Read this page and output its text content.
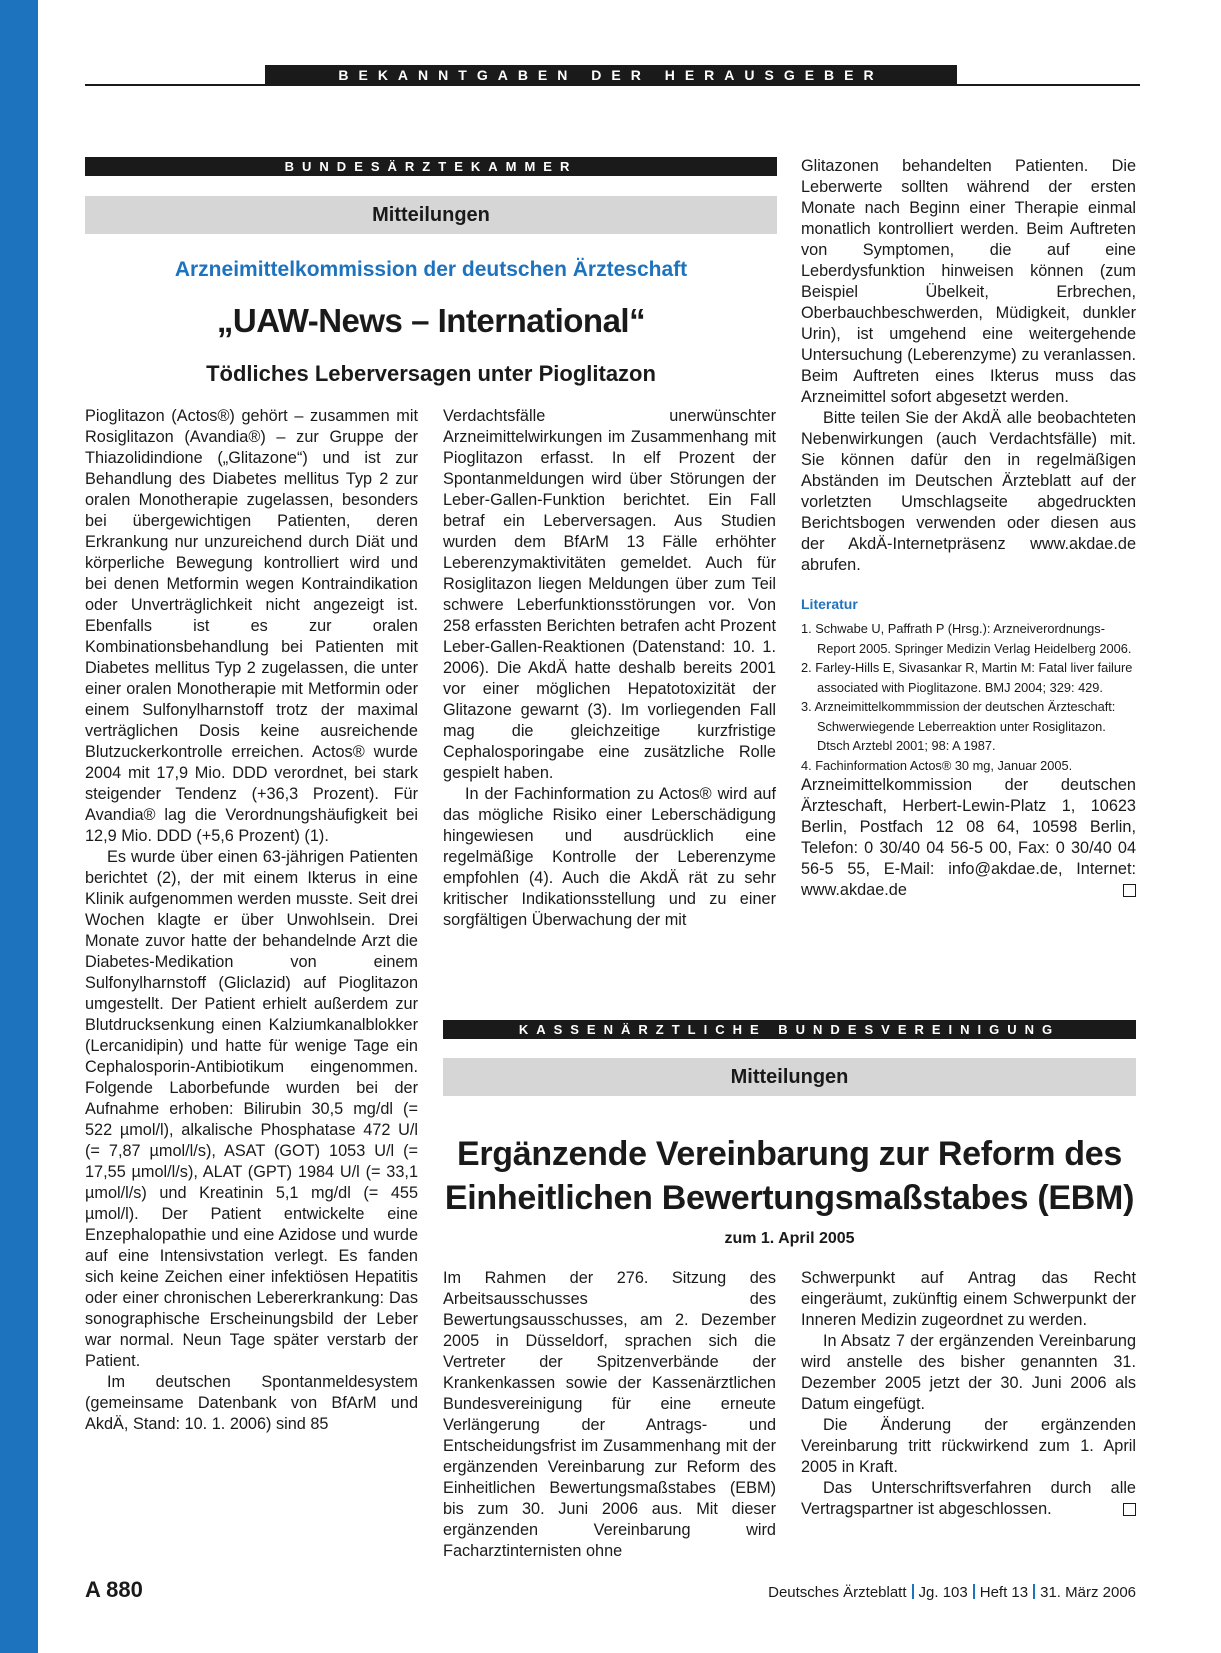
BEKANNTGABEN DER HERAUSGEBER
BUNDESÄRZTEKAMMER
Mitteilungen
Arzneimittelkommission der deutschen Ärzteschaft
„UAW-News – International“
Tödliches Leberversagen unter Pioglitazon

Pioglitazon (Actos®) gehört – zusammen mit Rosiglitazon (Avandia®) – zur Gruppe der Thiazolidindione („Glitazone“) und ist zur Behandlung des Diabetes mellitus Typ 2 zur oralen Monotherapie zugelassen, besonders bei übergewichtigen Patienten, deren Erkrankung nur unzureichend durch Diät und körperliche Bewegung kontrolliert wird und bei denen Metformin wegen Kontraindikation oder Unverträglichkeit nicht angezeigt ist. Ebenfalls ist es zur oralen Kombinationsbehandlung bei Patienten mit Diabetes mellitus Typ 2 zugelassen, die unter einer oralen Monotherapie mit Metformin oder einem Sulfonylharnstoff trotz der maximal verträglichen Dosis keine ausreichende Blutzuckerkontrolle erreichen. Actos® wurde 2004 mit 17,9 Mio. DDD verordnet, bei stark steigender Tendenz (+36,3 Prozent). Für Avandia® lag die Verordnungshäufigkeit bei 12,9 Mio. DDD (+5,6 Prozent) (1).

Es wurde über einen 63-jährigen Patienten berichtet (2), der mit einem Ikterus in eine Klinik aufgenommen werden musste. Seit drei Wochen klagte er über Unwohlsein. Drei Monate zuvor hatte der behandelnde Arzt die Diabetes-Medikation von einem Sulfonylharnstoff (Gliclazid) auf Pioglitazon umgestellt. Der Patient erhielt außerdem zur Blutdrucksenkung einen Kalziumkanalblokker (Lercanidipin) und hatte für wenige Tage ein Cephalosporin-Antibiotikum eingenommen. Folgende Laborbefunde wurden bei der Aufnahme erhoben: Bilirubin 30,5 mg/dl (= 522 µmol/l), alkalische Phosphatase 472 U/l (= 7,87 µmol/l/s), ASAT (GOT) 1053 U/l (= 17,55 µmol/l/s), ALAT (GPT) 1984 U/l (= 33,1 µmol/l/s) und Kreatinin 5,1 mg/dl (= 455 µmol/l). Der Patient entwickelte eine Enzephalopathie und eine Azidose und wurde auf eine Intensivstation verlegt. Es fanden sich keine Zeichen einer infektiösen Hepatitis oder einer chronischen Lebererkrankung: Das sonographische Erscheinungsbild der Leber war normal. Neun Tage später verstarb der Patient.

Im deutschen Spontanmeldesystem (gemeinsame Datenbank von BfArM und AkdÄ, Stand: 10. 1. 2006) sind 85

Verdachtsfälle unerwünschter Arzneimittelwirkungen im Zusammenhang mit Pioglitazon erfasst. In elf Prozent der Spontanmeldungen wird über Störungen der Leber-Gallen-Funktion berichtet. Ein Fall betraf ein Leberversagen. Aus Studien wurden dem BfArM 13 Fälle erhöhter Leberenzymaktivitäten gemeldet. Auch für Rosiglitazon liegen Meldungen über zum Teil schwere Leberfunktionsstörungen vor. Von 258 erfassten Berichten betrafen acht Prozent Leber-Gallen-Reaktionen (Datenstand: 10. 1. 2006). Die AkdÄ hatte deshalb bereits 2001 vor einer möglichen Hepatotoxizität der Glitazone gewarnt (3). Im vorliegenden Fall mag die gleichzeitige kurzfristige Cephalosporingabe eine zusätzliche Rolle gespielt haben.

In der Fachinformation zu Actos® wird auf das mögliche Risiko einer Leberschädigung hingewiesen und ausdrücklich eine regelmäßige Kontrolle der Leberenzyme empfohlen (4). Auch die AkdÄ rät zu sehr kritischer Indikationsstellung und zu einer sorgfältigen Überwachung der mit

Glitazonen behandelten Patienten. Die Leberwerte sollten während der ersten Monate nach Beginn einer Therapie einmal monatlich kontrolliert werden. Beim Auftreten von Symptomen, die auf eine Leberdysfunktion hinweisen können (zum Beispiel Übelkeit, Erbrechen, Oberbauchbeschwerden, Müdigkeit, dunkler Urin), ist umgehend eine weitergehende Untersuchung (Leberenzyme) zu veranlassen. Beim Auftreten eines Ikterus muss das Arzneimittel sofort abgesetzt werden.

Bitte teilen Sie der AkdÄ alle beobachteten Nebenwirkungen (auch Verdachtsfälle) mit. Sie können dafür den in regelmäßigen Abständen im Deutschen Ärzteblatt auf der vorletzten Umschlagseite abgedruckten Berichtsbogen verwenden oder diesen aus der AkdÄ-Internetpräsenz www.akdae.de abrufen.

Literatur
1. Schwabe U, Paffrath P (Hrsg.): Arzneiverordnungs-Report 2005. Springer Medizin Verlag Heidelberg 2006.
2. Farley-Hills E, Sivasankar R, Martin M: Fatal liver failure associated with Pioglitazone. BMJ 2004; 329: 429.
3. Arzneimittelkommmission der deutschen Ärzteschaft: Schwerwiegende Leberreaktion unter Rosiglitazon. Dtsch Arztebl 2001; 98: A 1987.
4. Fachinformation Actos® 30 mg, Januar 2005.

Arzneimittelkommission der deutschen Ärzteschaft, Herbert-Lewin-Platz 1, 10623 Berlin, Postfach 12 08 64, 10598 Berlin, Telefon: 0 30/40 04 56-5 00, Fax: 0 30/40 04 56-5 55, E-Mail: info@akdae.de, Internet: www.akdae.de

KASSENÄRZTLICHE BUNDESVEREINIGUNG
Mitteilungen
Ergänzende Vereinbarung zur Reform des
Einheitlichen Bewertungsmaßstabes (EBM)
zum 1. April 2005

Im Rahmen der 276. Sitzung des Arbeitsausschusses des Bewertungsausschusses, am 2. Dezember 2005 in Düsseldorf, sprachen sich die Vertreter der Spitzenverbände der Krankenkassen sowie der Kassenärztlichen Bundesvereinigung für eine erneute Verlängerung der Antrags- und Entscheidungsfrist im Zusammenhang mit der ergänzenden Vereinbarung zur Reform des Einheitlichen Bewertungsmaßstabes (EBM) bis zum 30. Juni 2006 aus. Mit dieser ergänzenden Vereinbarung wird Facharztinternisten ohne

Schwerpunkt auf Antrag das Recht eingeräumt, zukünftig einem Schwerpunkt der Inneren Medizin zugeordnet zu werden.

In Absatz 7 der ergänzenden Vereinbarung wird anstelle des bisher genannten 31. Dezember 2005 jetzt der 30. Juni 2006 als Datum eingefügt.

Die Änderung der ergänzenden Vereinbarung tritt rückwirkend zum 1. April 2005 in Kraft.

Das Unterschriftsverfahren durch alle Vertragspartner ist abgeschlossen.

A 880	Deutsches Ärzteblatt Jg. 103 Heft 13 31. März 2006
